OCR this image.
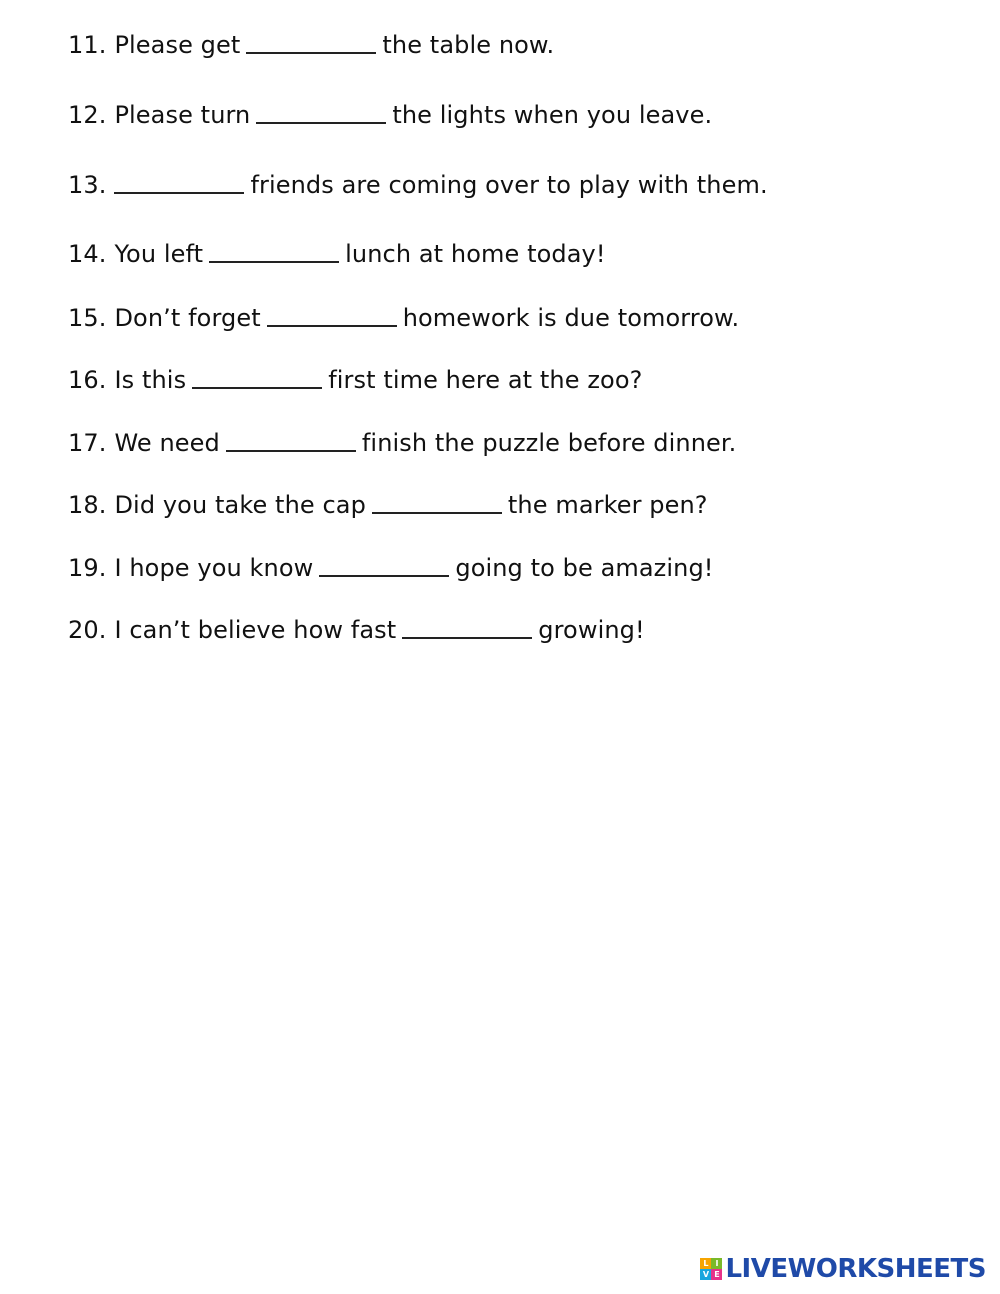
11. Please get	the table now.
12. Please turn	the lights when you leave.
13.	friends are coming over to play with them.
14. You left	lunch at home today!
15. Don’t forget	homework is due tomorrow.
16. Is this	first time here at the zoo?
17. We need	finish the puzzle before dinner.
18. Did you take the cap	the marker pen?
19. I hope you know	going to be amazing!
20. I can’t believe how fast	growing!
L I
V E LIVEWORKSHEETS
